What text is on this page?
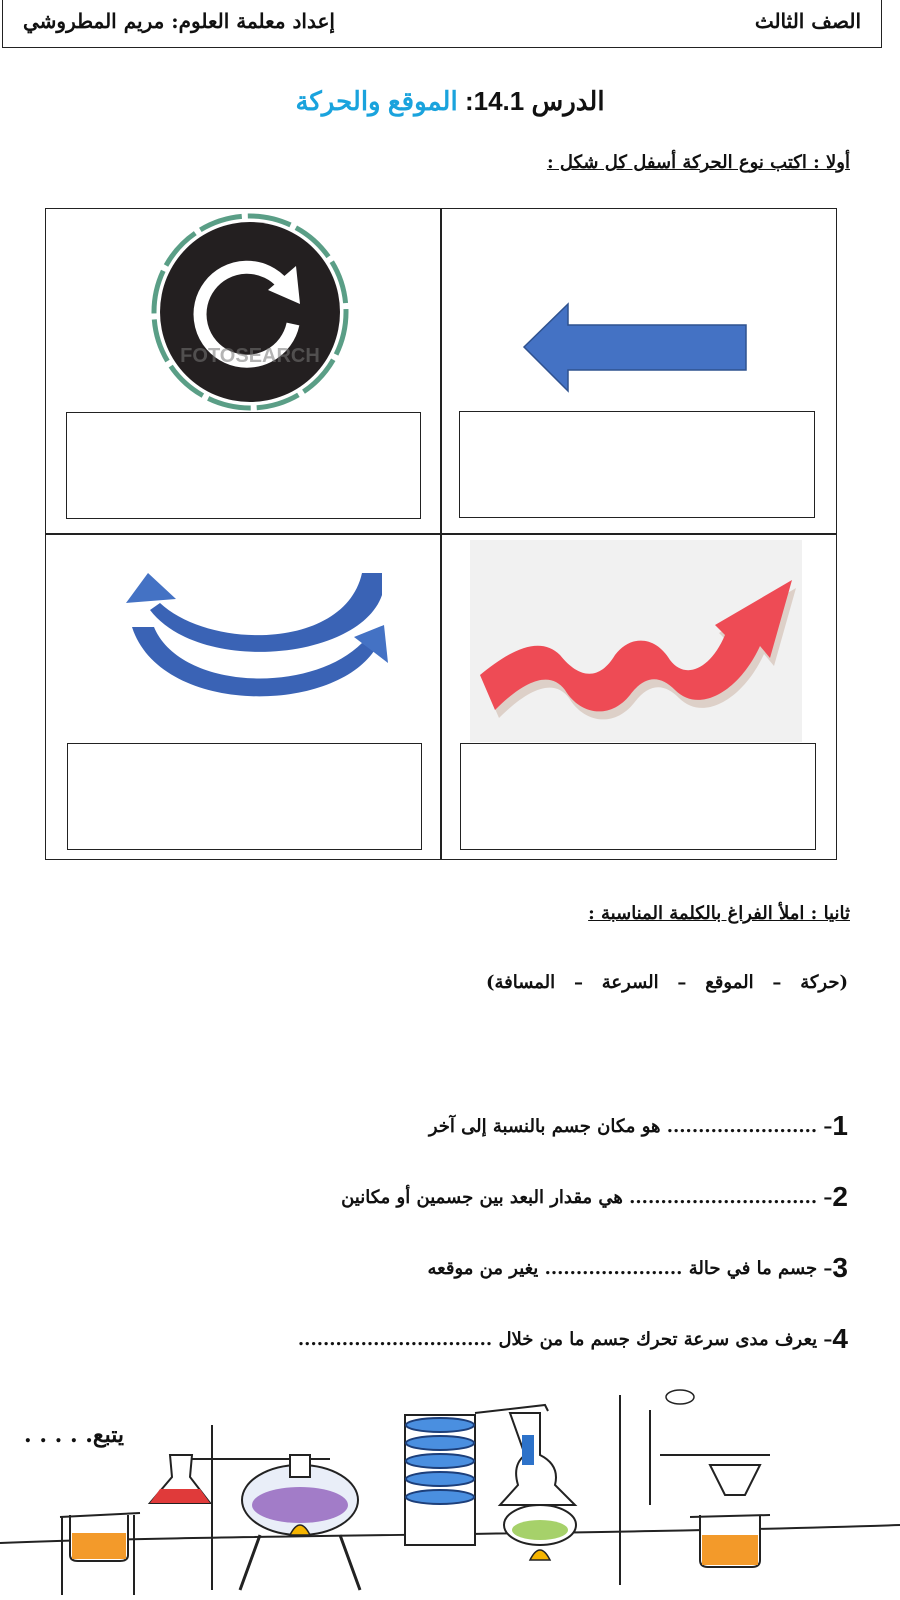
الصف الثالث
إعداد معلمة العلوم: مريم المطروشي
الدرس 14.1: الموقع والحركة
أولا : اكتب نوع الحركة أسفل كل شكل :
FOTOSEARCH
ثانيا : املأ الفراغ بالكلمة المناسبة :
(حركة   –   الموقع   –   السرعة   –   المسافة)
1– ........................ هو مكان جسم بالنسبة إلى آخر
2– .............................. هي مقدار البعد بين جسمين أو مكانين
3– جسم ما في حالة ...................... يغير من موقعه
4– يعرف مدى سرعة تحرك جسم ما من خلال ...............................
يتبع. . . . .
